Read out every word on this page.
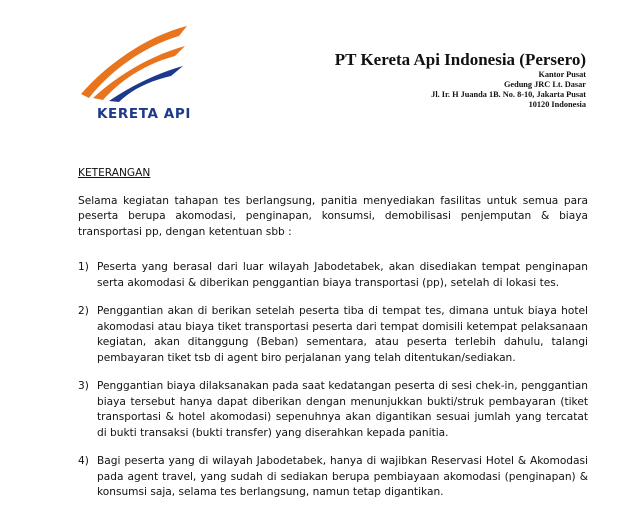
KERETA API
PT Kereta Api Indonesia (Persero)
Kantor Pusat
Gedung JRC Lt. Dasar
Jl. Ir. H Juanda 1B. No. 8-10, Jakarta Pusat
10120 Indonesia
KETERANGAN
Selama kegiatan tahapan tes berlangsung, panitia menyediakan fasilitas untuk semua para peserta berupa akomodasi, penginapan, konsumsi, demobilisasi penjemputan & biaya transportasi pp, dengan ketentuan sbb :
1) Peserta yang berasal dari luar wilayah Jabodetabek, akan disediakan tempat penginapan serta akomodasi & diberikan penggantian biaya transportasi (pp), setelah di lokasi tes.

2) Penggantian akan di berikan setelah peserta tiba di tempat tes, dimana untuk biaya hotel akomodasi atau biaya tiket transportasi peserta dari tempat domisili ketempat pelaksanaan kegiatan, akan ditanggung (Beban) sementara, atau peserta terlebih dahulu, talangi pembayaran tiket tsb di agent biro perjalanan yang telah ditentukan/sediakan.

3) Penggantian biaya dilaksanakan pada saat kedatangan peserta di sesi chek-in, penggantian biaya tersebut hanya dapat diberikan dengan menunjukkan bukti/struk pembayaran (tiket transportasi & hotel akomodasi) sepenuhnya akan digantikan sesuai jumlah yang tercatat di bukti transaksi (bukti transfer) yang diserahkan kepada panitia.

4) Bagi peserta yang di wilayah Jabodetabek, hanya di wajibkan Reservasi Hotel & Akomodasi pada agent travel, yang sudah di sediakan berupa pembiayaan akomodasi (penginapan) & konsumsi saja, selama tes berlangsung, namun tetap digantikan.
